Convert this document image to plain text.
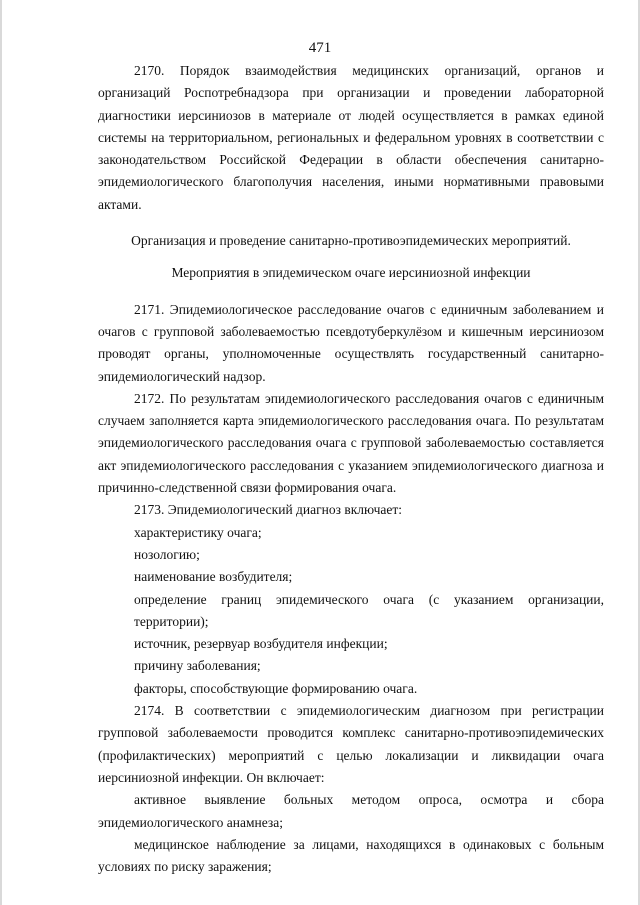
471

2170. Порядок взаимодействия медицинских организаций, органов и организаций Роспотребнадзора при организации и проведении лабораторной диагностики иерсиниозов в материале от людей осуществляется в рамках единой системы на территориальном, региональных и федеральном уровнях в соответствии с законодательством Российской Федерации в области обеспечения санитарно-эпидемиологического благополучия населения, иными нормативными правовыми актами.

Организация и проведение санитарно-противоэпидемических мероприятий.

Мероприятия в эпидемическом очаге иерсиниозной инфекции

2171. Эпидемиологическое расследование очагов с единичным заболеванием и очагов с групповой заболеваемостью псевдотуберкулёзом и кишечным иерсиниозом проводят органы, уполномоченные осуществлять государственный санитарно-эпидемиологический надзор.

2172. По результатам эпидемиологического расследования очагов с единичным случаем заполняется карта эпидемиологического расследования очага. По результатам эпидемиологического расследования очага с групповой заболеваемостью составляется акт эпидемиологического расследования с указанием эпидемиологического диагноза и причинно-следственной связи формирования очага.

2173. Эпидемиологический диагноз включает:

характеристику очага;

нозологию;

наименование возбудителя;

определение границ эпидемического очага (с указанием организации, территории);

источник, резервуар возбудителя инфекции;

причину заболевания;

факторы, способствующие формированию очага.

2174. В соответствии с эпидемиологическим диагнозом при регистрации групповой заболеваемости проводится комплекс санитарно-противоэпидемических (профилактических) мероприятий с целью локализации и ликвидации очага иерсиниозной инфекции. Он включает:

активное выявление больных методом опроса, осмотра и сбора эпидемиологического анамнеза;

медицинское наблюдение за лицами, находящихся в одинаковых с больным условиях по риску заражения;
